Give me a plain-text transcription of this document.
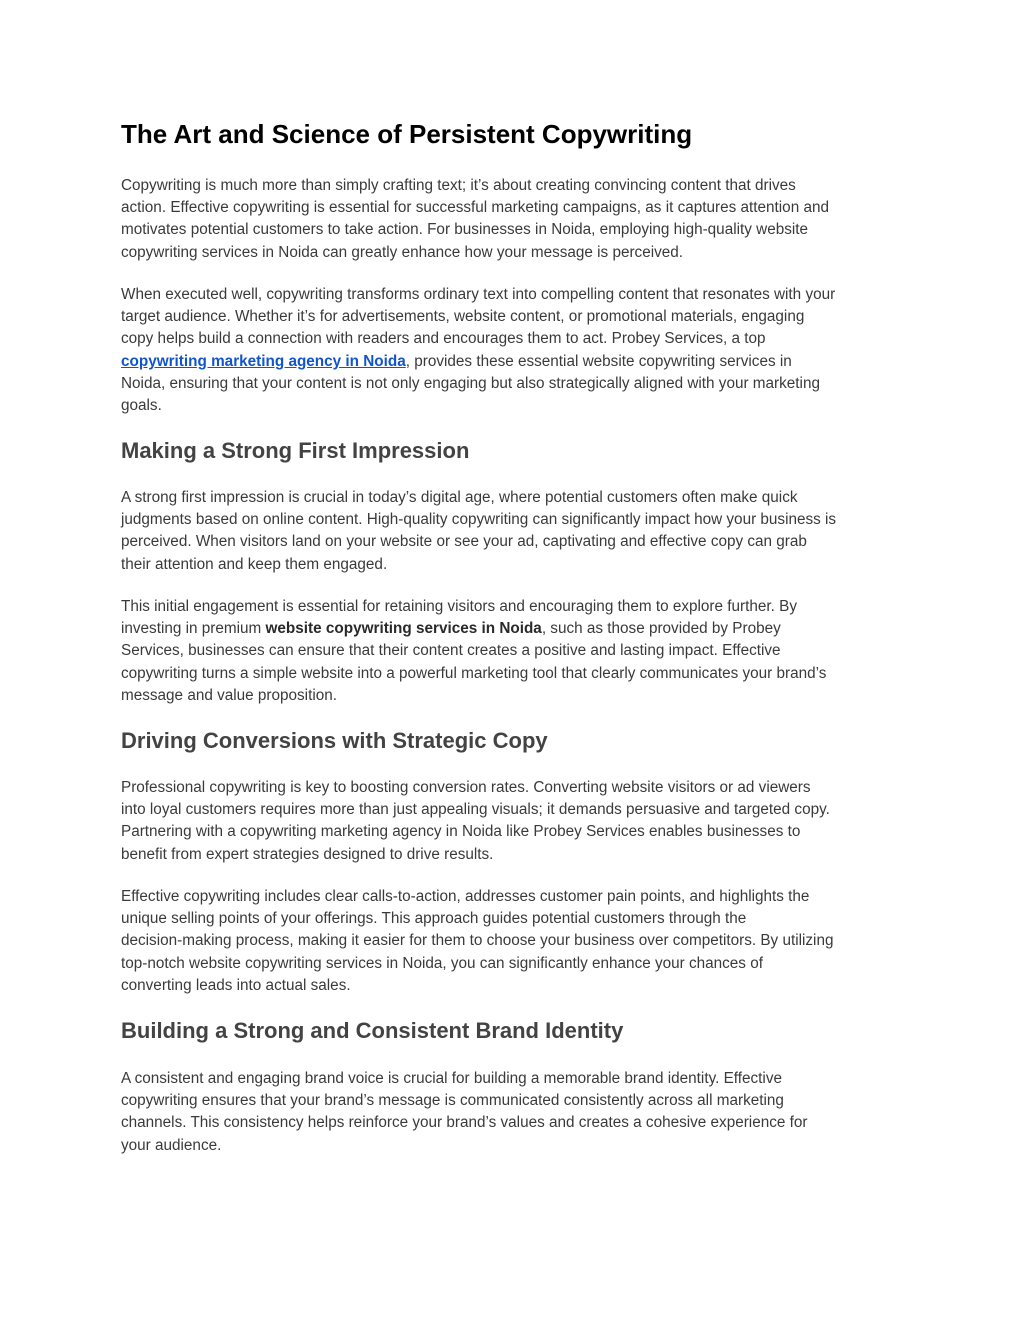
The Art and Science of Persistent Copywriting
Copywriting is much more than simply crafting text; it’s about creating convincing content that drives
action. Effective copywriting is essential for successful marketing campaigns, as it captures attention and
motivates potential customers to take action. For businesses in Noida, employing high-quality website
copywriting services in Noida can greatly enhance how your message is perceived.
When executed well, copywriting transforms ordinary text into compelling content that resonates with your
target audience. Whether it’s for advertisements, website content, or promotional materials, engaging
copy helps build a connection with readers and encourages them to act. Probey Services, a top
copywriting marketing agency in Noida, provides these essential website copywriting services in
Noida, ensuring that your content is not only engaging but also strategically aligned with your marketing
goals.
Making a Strong First Impression
A strong first impression is crucial in today’s digital age, where potential customers often make quick
judgments based on online content. High-quality copywriting can significantly impact how your business is
perceived. When visitors land on your website or see your ad, captivating and effective copy can grab
their attention and keep them engaged.
This initial engagement is essential for retaining visitors and encouraging them to explore further. By
investing in premium website copywriting services in Noida, such as those provided by Probey
Services, businesses can ensure that their content creates a positive and lasting impact. Effective
copywriting turns a simple website into a powerful marketing tool that clearly communicates your brand’s
message and value proposition.
Driving Conversions with Strategic Copy
Professional copywriting is key to boosting conversion rates. Converting website visitors or ad viewers
into loyal customers requires more than just appealing visuals; it demands persuasive and targeted copy.
Partnering with a copywriting marketing agency in Noida like Probey Services enables businesses to
benefit from expert strategies designed to drive results.
Effective copywriting includes clear calls-to-action, addresses customer pain points, and highlights the
unique selling points of your offerings. This approach guides potential customers through the
decision-making process, making it easier for them to choose your business over competitors. By utilizing
top-notch website copywriting services in Noida, you can significantly enhance your chances of
converting leads into actual sales.
Building a Strong and Consistent Brand Identity
A consistent and engaging brand voice is crucial for building a memorable brand identity. Effective
copywriting ensures that your brand’s message is communicated consistently across all marketing
channels. This consistency helps reinforce your brand’s values and creates a cohesive experience for
your audience.
